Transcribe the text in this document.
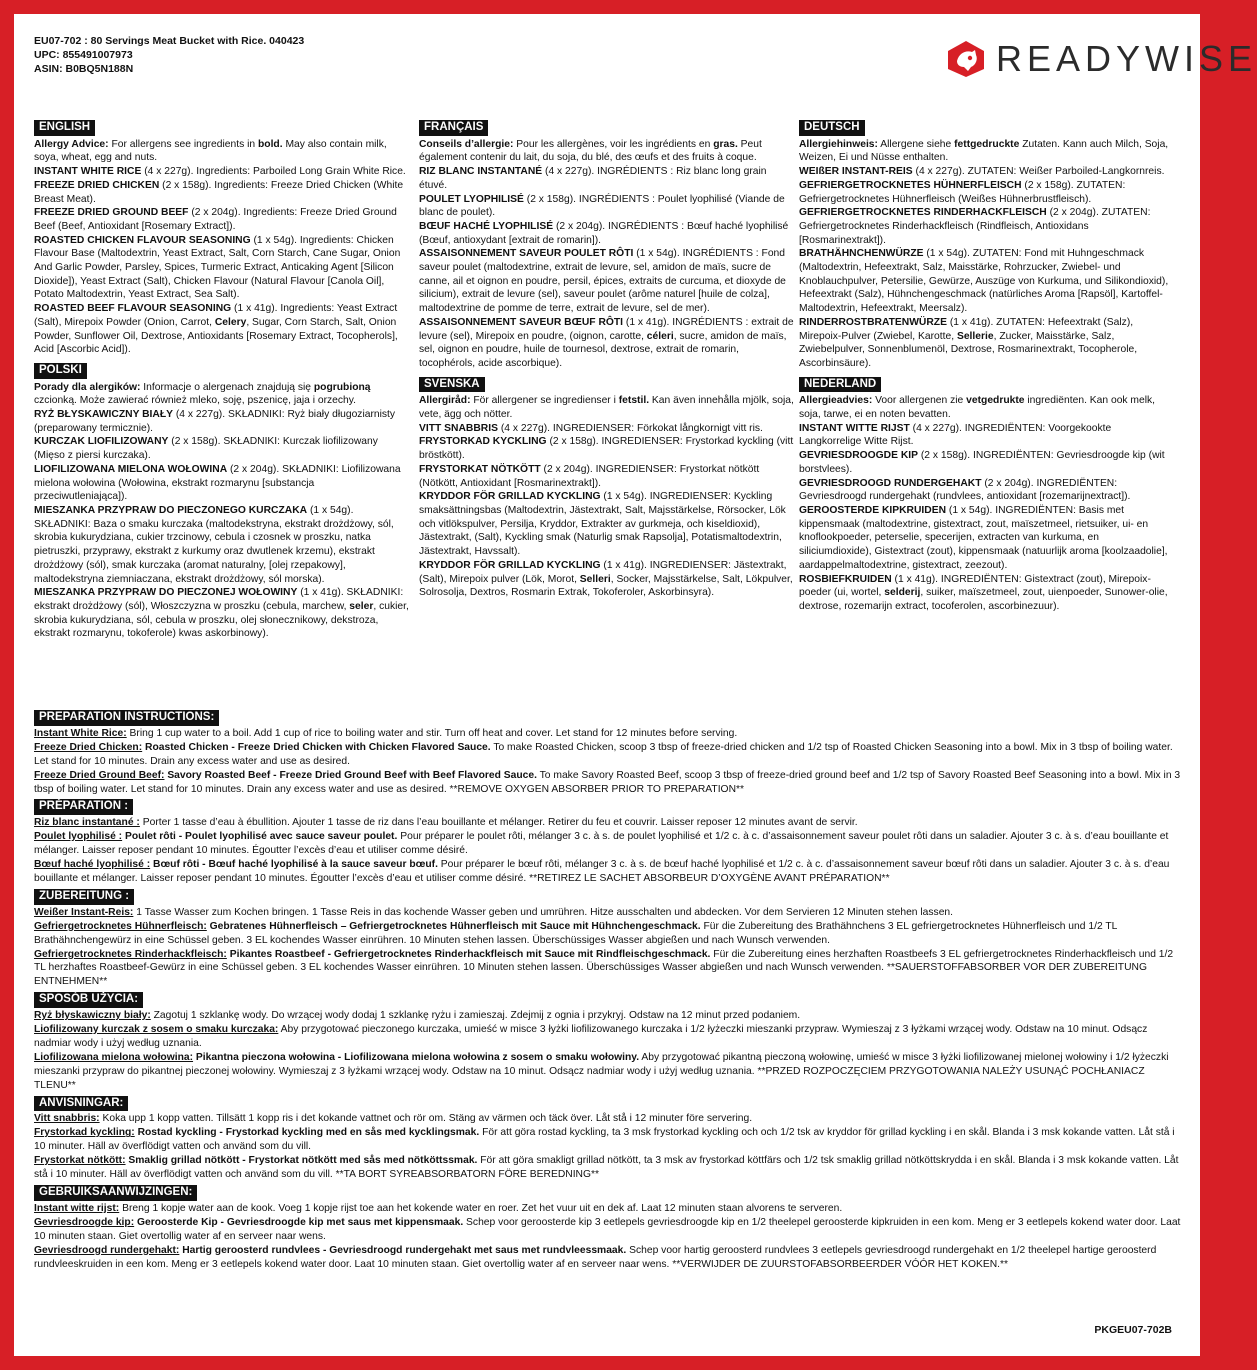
EU07-702 : 80 Servings Meat Bucket with Rice. 040423
UPC: 855491007973
ASIN: B0BQ5N188N	READYWISE
ENGLISH

Allergy Advice: For allergens see ingredients in bold. May also contain milk, soya, wheat, egg and nuts.

INSTANT WHITE RICE (4 x 227g). Ingredients: Parboiled Long Grain White Rice.

FREEZE DRIED CHICKEN (2 x 158g). Ingredients: Freeze Dried Chicken (White Breast Meat).

FREEZE DRIED GROUND BEEF (2 x 204g). Ingredients: Freeze Dried Ground Beef (Beef, Antioxidant [Rosemary Extract]).

ROASTED CHICKEN FLAVOUR SEASONING (1 x 54g). Ingredients: Chicken Flavour Base (Maltodextrin, Yeast Extract, Salt, Corn Starch, Cane Sugar, Onion And Garlic Powder, Parsley, Spices, Turmeric Extract, Anticaking Agent [Silicon Dioxide]), Yeast Extract (Salt), Chicken Flavour (Natural Flavour [Canola Oil], Potato Maltodextrin, Yeast Extract, Sea Salt).

ROASTED BEEF FLAVOUR SEASONING (1 x 41g). Ingredients: Yeast Extract (Salt), Mirepoix Powder (Onion, Carrot, Celery, Sugar, Corn Starch, Salt, Onion Powder, Sunflower Oil, Dextrose, Antioxidants [Rosemary Extract, Tocopherols], Acid [Ascorbic Acid]).

POLSKI

Porady dla alergików: Informacje o alergenach znajdują się pogrubioną czcionką. Może zawierać również mleko, soję, pszenicę, jaja i orzechy.

RYŻ BŁYSKAWICZNY BIAŁY (4 x 227g). SKŁADNIKI: Ryż biały długoziarnisty (preparowany termicznie).

KURCZAK LIOFILIZOWANY (2 x 158g). SKŁADNIKI: Kurczak liofilizowany (Mięso z piersi kurczaka).

LIOFILIZOWANA MIELONA WOŁOWINA (2 x 204g). SKŁADNIKI: Liofilizowana mielona wołowina (Wołowina, ekstrakt rozmarynu [substancja przeciwutleniająca]).

MIESZANKA PRZYPRAW DO PIECZONEGO KURCZAKA (1 x 54g). SKŁADNIKI: Baza o smaku kurczaka (maltodekstryna, ekstrakt drożdżowy, sól, skrobia kukurydziana, cukier trzcinowy, cebula i czosnek w proszku, natka pietruszki, przyprawy, ekstrakt z kurkumy oraz dwutlenek krzemu), ekstrakt drożdżowy (sól), smak kurczaka (aromat naturalny, [olej rzepakowy], maltodekstryna ziemniaczana, ekstrakt drożdżowy, sól morska).

MIESZANKA PRZYPRAW DO PIECZONEJ WOŁOWINY (1 x 41g). SKŁADNIKI: ekstrakt drożdżowy (sól), Włoszczyzna w proszku (cebula, marchew, seler, cukier, skrobia kukurydziana, sól, cebula w proszku, olej słonecznikowy, dekstroza, ekstrakt rozmarynu, tokoferole) kwas askorbinowy).

FRANÇAIS

Conseils d’allergie: Pour les allergènes, voir les ingrédients en gras. Peut également contenir du lait, du soja, du blé, des œufs et des fruits à coque.

RIZ BLANC INSTANTANÉ (4 x 227g). INGRÉDIENTS : Riz blanc long grain étuvé.

POULET LYOPHILISÉ (2 x 158g). INGRÉDIENTS : Poulet lyophilisé (Viande de blanc de poulet).

BŒUF HACHÉ LYOPHILISÉ (2 x 204g). INGRÉDIENTS : Bœuf haché lyophilisé (Bœuf, antioxydant [extrait de romarin]).

ASSAISONNEMENT SAVEUR POULET RÔTI (1 x 54g). INGRÉDIENTS : Fond saveur poulet (maltodextrine, extrait de levure, sel, amidon de maïs, sucre de canne, ail et oignon en poudre, persil, épices, extraits de curcuma, et dioxyde de silicium), extrait de levure (sel), saveur poulet (arôme naturel [huile de colza], maltodextrine de pomme de terre, extrait de levure, sel de mer).

ASSAISONNEMENT SAVEUR BŒUF RÔTI (1 x 41g). INGRÉDIENTS : extrait de levure (sel), Mirepoix en poudre, (oignon, carotte, céleri, sucre, amidon de maïs, sel, oignon en poudre, huile de tournesol, dextrose, extrait de romarin, tocophérols, acide ascorbique).

SVENSKA

Allergiråd: För allergener se ingredienser i fetstil. Kan även innehålla mjölk, soja, vete, ägg och nötter.

VITT SNABBRIS (4 x 227g). INGREDIENSER: Förkokat långkornigt vitt ris.

FRYSTORKAD KYCKLING (2 x 158g). INGREDIENSER: Frystorkad kyckling (vitt bröstkött).

FRYSTORKAT NÖTKÖTT (2 x 204g). INGREDIENSER: Frystorkat nötkött (Nötkött, Antioxidant [Rosmarinextrakt]).

KRYDDOR FÖR GRILLAD KYCKLING (1 x 54g). INGREDIENSER: Kyckling smaksättningsbas (Maltodextrin, Jästextrakt, Salt, Majsstärkelse, Rörsocker, Lök och vitlökspulver, Persilja, Kryddor, Extrakter av gurkmeja, och kiseldioxid), Jästextrakt, (Salt), Kyckling smak (Naturlig smak Rapsolja], Potatismaltodextrin, Jästextrakt, Havssalt).

KRYDDOR FÖR GRILLAD KYCKLING (1 x 41g). INGREDIENSER: Jästextrakt, (Salt), Mirepoix pulver (Lök, Morot, Selleri, Socker, Majsstärkelse, Salt, Lökpulver, Solrosolja, Dextros, Rosmarin Extrak, Tokoferoler, Askorbinsyra).

DEUTSCH

Allergiehinweis: Allergene siehe fettgedruckte Zutaten. Kann auch Milch, Soja, Weizen, Ei und Nüsse enthalten.

WEIßER INSTANT-REIS (4 x 227g). ZUTATEN: Weißer Parboiled-Langkornreis.

GEFRIERGETROCKNETES HÜHNERFLEISCH (2 x 158g). ZUTATEN: Gefriergetrocknetes Hühnerfleisch (Weißes Hühnerbrustfleisch).

GEFRIERGETROCKNETES RINDERHACKFLEISCH (2 x 204g). ZUTATEN: Gefriergetrocknetes Rinderhackfleisch (Rindfleisch, Antioxidans [Rosmarinextrakt]).

BRATHÄHNCHENWÜRZE (1 x 54g). ZUTATEN: Fond mit Huhngeschmack (Maltodextrin, Hefeextrakt, Salz, Maisstärke, Rohrzucker, Zwiebel- und Knoblauchpulver, Petersilie, Gewürze, Auszüge von Kurkuma, und Silikondioxid), Hefeextrakt (Salz), Hühnchengeschmack (natürliches Aroma [Rapsöl], Kartoffel-Maltodextrin, Hefeextrakt, Meersalz).

RINDERROSTBRATENWÜRZE (1 x 41g). ZUTATEN: Hefeextrakt (Salz), Mirepoix-Pulver (Zwiebel, Karotte, Sellerie, Zucker, Maisstärke, Salz, Zwiebelpulver, Sonnenblumenöl, Dextrose, Rosmarinextrakt, Tocopherole, Ascorbinsäure).

NEDERLAND

Allergieadvies: Voor allergenen zie vetgedrukte ingrediënten. Kan ook melk, soja, tarwe, ei en noten bevatten.

INSTANT WITTE RIJST (4 x 227g). INGREDIËNTEN: Voorgekookte Langkorrelige Witte Rijst.

GEVRIESDROOGDE KIP (2 x 158g). INGREDIËNTEN: Gevriesdroogde kip (wit borstvlees).

GEVRIESDROOGD RUNDERGEHAKT (2 x 204g). INGREDIËNTEN: Gevriesdroogd rundergehakt (rundvlees, antioxidant [rozemarijnextract]).

GEROOSTERDE KIPKRUIDEN (1 x 54g). INGREDIËNTEN: Basis met kippensmaak (maltodextrine, gistextract, zout, maïszetmeel, rietsuiker, ui- en knoflookpoeder, peterselie, specerijen, extracten van kurkuma, en siliciumdioxide), Gistextract (zout), kippensmaak (natuurlijk aroma [koolzaadolie], aardappelmaltodextrine, gistextract, zeezout).

ROSBIEFKRUIDEN (1 x 41g). INGREDIËNTEN: Gistextract (zout), Mirepoix-poeder (ui, wortel, selderij, suiker, maïszetmeel, zout, uienpoeder, Sunower-olie, dextrose, rozemarijn extract, tocoferolen, ascorbinezuur).

PREPARATION INSTRUCTIONS:

Instant White Rice: Bring 1 cup water to a boil. Add 1 cup of rice to boiling water and stir. Turn off heat and cover. Let stand for 12 minutes before serving.

Freeze Dried Chicken: Roasted Chicken - Freeze Dried Chicken with Chicken Flavored Sauce. To make Roasted Chicken, scoop 3 tbsp of freeze-dried chicken and 1/2 tsp of Roasted Chicken Seasoning into a bowl. Mix in 3 tbsp of boiling water. Let stand for 10 minutes. Drain any excess water and use as desired.

Freeze Dried Ground Beef: Savory Roasted Beef - Freeze Dried Ground Beef with Beef Flavored Sauce. To make Savory Roasted Beef, scoop 3 tbsp of freeze-dried ground beef and 1/2 tsp of Savory Roasted Beef Seasoning into a bowl. Mix in 3 tbsp of boiling water. Let stand for 10 minutes. Drain any excess water and use as desired. **REMOVE OXYGEN ABSORBER PRIOR TO PREPARATION**

PRÉPARATION :

Riz blanc instantané : Porter 1 tasse d’eau à ébullition. Ajouter 1 tasse de riz dans l’eau bouillante et mélanger. Retirer du feu et couvrir. Laisser reposer 12 minutes avant de servir.

Poulet lyophilisé : Poulet rôti - Poulet lyophilisé avec sauce saveur poulet. Pour préparer le poulet rôti, mélanger 3 c. à s. de poulet lyophilisé et 1/2 c. à c. d’assaisonnement saveur poulet rôti dans un saladier. Ajouter 3 c. à s. d’eau bouillante et mélanger. Laisser reposer pendant 10 minutes. Égoutter l’excès d’eau et utiliser comme désiré.

Bœuf haché lyophilisé : Bœuf rôti - Bœuf haché lyophilisé à la sauce saveur bœuf. Pour préparer le bœuf rôti, mélanger 3 c. à s. de bœuf haché lyophilisé et 1/2 c. à c. d’assaisonnement saveur bœuf rôti dans un saladier. Ajouter 3 c. à s. d’eau bouillante et mélanger. Laisser reposer pendant 10 minutes. Égoutter l’excès d’eau et utiliser comme désiré. **RETIREZ LE SACHET ABSORBEUR D’OXYGÈNE AVANT PRÉPARATION**

ZUBEREITUNG :

Weißer Instant-Reis: 1 Tasse Wasser zum Kochen bringen. 1 Tasse Reis in das kochende Wasser geben und umrühren. Hitze ausschalten und abdecken. Vor dem Servieren 12 Minuten stehen lassen.

Gefriergetrocknetes Hühnerfleisch: Gebratenes Hühnerfleisch – Gefriergetrocknetes Hühnerfleisch mit Sauce mit Hühnchengeschmack. Für die Zubereitung des Brathähnchens 3 EL gefriergetrocknetes Hühnerfleisch und 1/2 TL Brathähnchengewürz in eine Schüssel geben. 3 EL kochendes Wasser einrühren. 10 Minuten stehen lassen. Überschüssiges Wasser abgießen und nach Wunsch verwenden.

Gefriergetrocknetes Rinderhackfleisch: Pikantes Roastbeef - Gefriergetrocknetes Rinderhackfleisch mit Sauce mit Rindfleischgeschmack. Für die Zubereitung eines herzhaften Roastbeefs 3 EL gefriergetrocknetes Rinderhackfleisch und 1/2 TL herzhaftes Roastbeef-Gewürz in eine Schüssel geben. 3 EL kochendes Wasser einrühren. 10 Minuten stehen lassen. Überschüssiges Wasser abgießen und nach Wunsch verwenden. **SAUERSTOFFABSORBER VOR DER ZUBEREITUNG ENTNEHMEN**

SPOSÓB UŻYCIA:

Ryż błyskawiczny biały: Zagotuj 1 szklankę wody. Do wrzącej wody dodaj 1 szklankę ryżu i zamieszaj. Zdejmij z ognia i przykryj. Odstaw na 12 minut przed podaniem.

Liofilizowany kurczak z sosem o smaku kurczaka: Aby przygotować pieczonego kurczaka, umieść w misce 3 łyżki liofilizowanego kurczaka i 1/2 łyżeczki mieszanki przypraw. Wymieszaj z 3 łyżkami wrzącej wody. Odstaw na 10 minut. Odsącz nadmiar wody i użyj według uznania.

Liofilizowana mielona wołowina: Pikantna pieczona wołowina - Liofilizowana mielona wołowina z sosem o smaku wołowiny. Aby przygotować pikantną pieczoną wołowinę, umieść w misce 3 łyżki liofilizowanej mielonej wołowiny i 1/2 łyżeczki mieszanki przypraw do pikantnej pieczonej wołowiny. Wymieszaj z 3 łyżkami wrzącej wody. Odstaw na 10 minut. Odsącz nadmiar wody i użyj według uznania. **PRZED ROZPOCZĘCIEM PRZYGOTOWANIA NALEŻY USUNĄĆ POCHŁANIACZ TLENU**

ANVISNINGAR:

Vitt snabbris: Koka upp 1 kopp vatten. Tillsätt 1 kopp ris i det kokande vattnet och rör om. Stäng av värmen och täck över. Låt stå i 12 minuter före servering.

Frystorkad kyckling: Rostad kyckling - Frystorkad kyckling med en sås med kycklingsmak. För att göra rostad kyckling, ta 3 msk frystorkad kyckling och och 1/2 tsk av kryddor för grillad kyckling i en skål. Blanda i 3 msk kokande vatten. Låt stå i 10 minuter. Häll av överflödigt vatten och använd som du vill.

Frystorkat nötkött: Smaklig grillad nötkött - Frystorkat nötkött med sås med nötköttssmak. För att göra smakligt grillad nötkött, ta 3 msk av frystorkad köttfärs och 1/2 tsk smaklig grillad nötköttskrydda i en skål. Blanda i 3 msk kokande vatten. Låt stå i 10 minuter. Häll av överflödigt vatten och använd som du vill. **TA BORT SYREABSORBATORN FÖRE BEREDNING**

GEBRUIKSAANWIJZINGEN:

Instant witte rijst: Breng 1 kopje water aan de kook. Voeg 1 kopje rijst toe aan het kokende water en roer. Zet het vuur uit en dek af. Laat 12 minuten staan alvorens te serveren.

Gevriesdroogde kip: Geroosterde Kip - Gevriesdroogde kip met saus met kippensmaak. Schep voor geroosterde kip 3 eetlepels gevriesdroogde kip en 1/2 theelepel geroosterde kipkruiden in een kom. Meng er 3 eetlepels kokend water door. Laat 10 minuten staan. Giet overtollig water af en serveer naar wens.

Gevriesdroogd rundergehakt: Hartig geroosterd rundvlees - Gevriesdroogd rundergehakt met saus met rundvleessmaak. Schep voor hartig geroosterd rundvlees 3 eetlepels gevriesdroogd rundergehakt en 1/2 theelepel hartige geroosterd rundvleeskruiden in een kom. Meng er 3 eetlepels kokend water door. Laat 10 minuten staan. Giet overtollig water af en serveer naar wens. **VERWIJDER DE ZUURSTOFABSORBEERDER VÓÓR HET KOKEN.**

PKGEU07-702B
